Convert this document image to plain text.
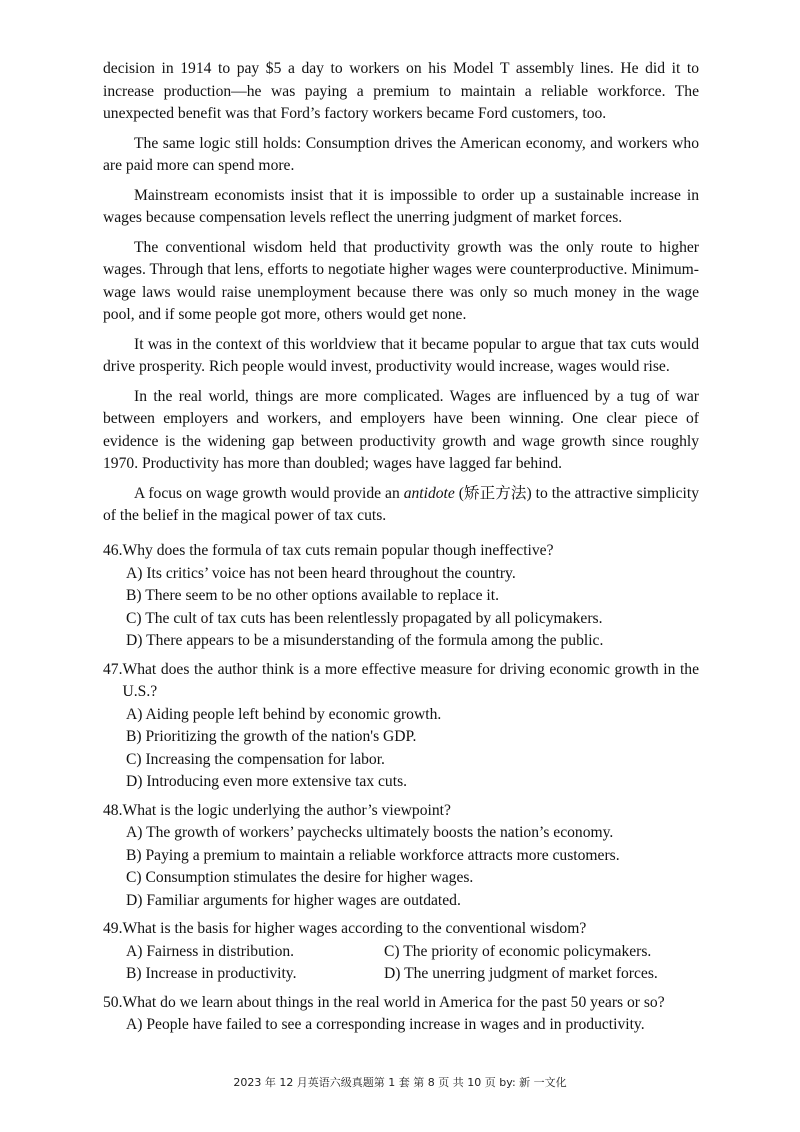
decision in 1914 to pay $5 a day to workers on his Model T assembly lines. He did it to increase production—he was paying a premium to maintain a reliable workforce. The unexpected benefit was that Ford’s factory workers became Ford customers, too.

The same logic still holds: Consumption drives the American economy, and workers who are paid more can spend more.

Mainstream economists insist that it is impossible to order up a sustainable increase in wages because compensation levels reflect the unerring judgment of market forces.

The conventional wisdom held that productivity growth was the only route to higher wages. Through that lens, efforts to negotiate higher wages were counterproductive. Minimum-wage laws would raise unemployment because there was only so much money in the wage pool, and if some people got more, others would get none.

It was in the context of this worldview that it became popular to argue that tax cuts would drive prosperity. Rich people would invest, productivity would increase, wages would rise.

In the real world, things are more complicated. Wages are influenced by a tug of war between employers and workers, and employers have been winning. One clear piece of evidence is the widening gap between productivity growth and wage growth since roughly 1970. Productivity has more than doubled; wages have lagged far behind.

A focus on wage growth would provide an antidote (矫正方法) to the attractive simplicity of the belief in the magical power of tax cuts.

46. Why does the formula of tax cuts remain popular though ineffective?
A) Its critics’ voice has not been heard throughout the country.
B) There seem to be no other options available to replace it.
C) The cult of tax cuts has been relentlessly propagated by all policymakers.
D) There appears to be a misunderstanding of the formula among the public.
47. What does the author think is a more effective measure for driving economic growth in the U.S.?
A) Aiding people left behind by economic growth.
B) Prioritizing the growth of the nation's GDP.
C) Increasing the compensation for labor.
D) Introducing even more extensive tax cuts.
48. What is the logic underlying the author’s viewpoint?
A) The growth of workers’ paychecks ultimately boosts the nation’s economy.
B) Paying a premium to maintain a reliable workforce attracts more customers.
C) Consumption stimulates the desire for higher wages.
D) Familiar arguments for higher wages are outdated.
49. What is the basis for higher wages according to the conventional wisdom?
A) Fairness in distribution.	C) The priority of economic policymakers.
B) Increase in productivity.	D) The unerring judgment of market forces.
50. What do we learn about things in the real world in America for the past 50 years or so?
A) People have failed to see a corresponding increase in wages and in productivity.
2023 年 12 月英语六级真题第 1 套 第 8 页 共 10 页 by: 新 一文化
